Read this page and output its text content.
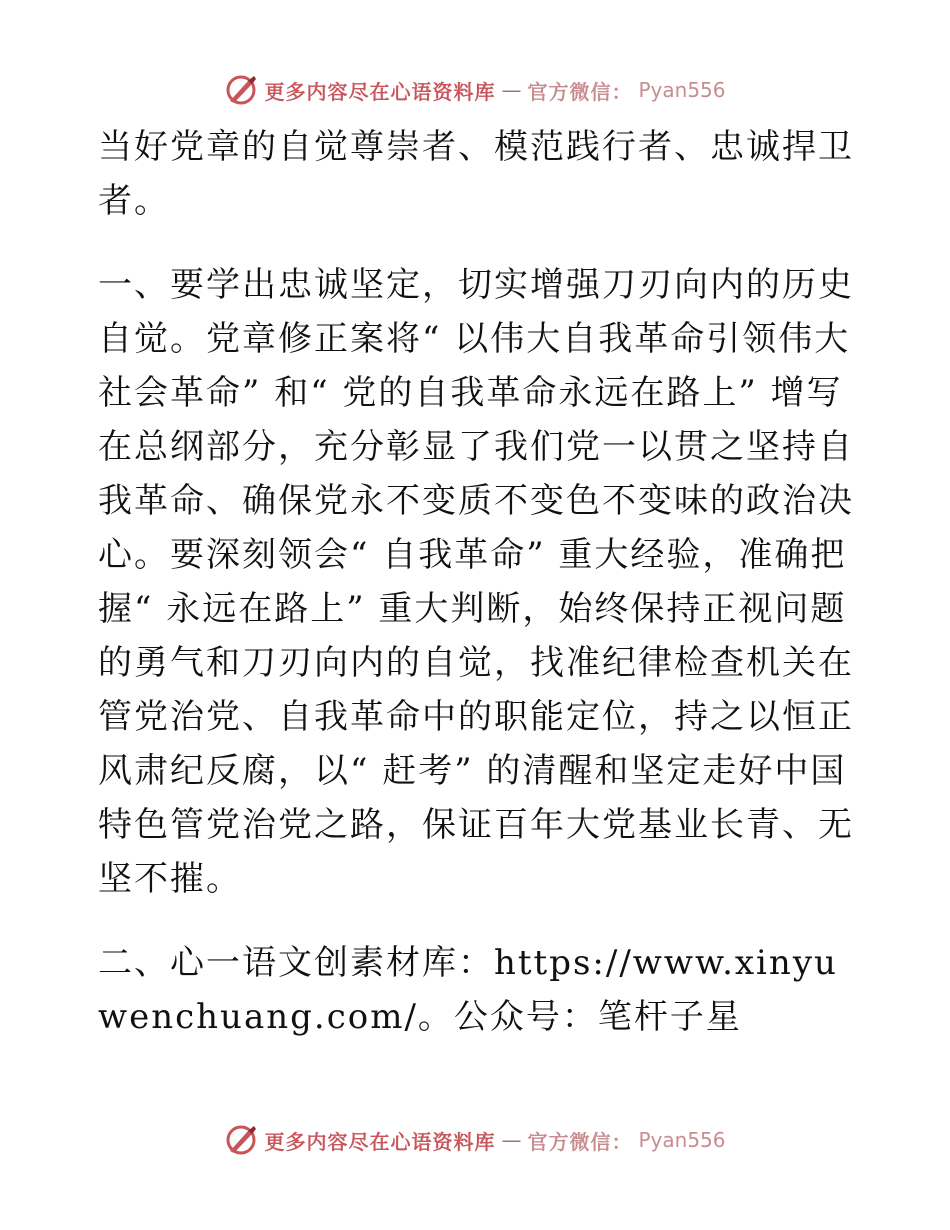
更多内容尽在心语资料库 — 官方微信： Pyan556

当好党章的自觉尊崇者、模范践行者、忠诚捍卫者。

一、要学出忠诚坚定，切实增强刀刃向内的历史自觉。党章修正案将“ 以伟大自我革命引领伟大社会革命” 和“ 党的自我革命永远在路上” 增写在总纲部分，充分彰显了我们党一以贯之坚持自我革命、确保党永不变质不变色不变味的政治决心。要深刻领会“ 自我革命” 重大经验，准确把握“ 永远在路上” 重大判断，始终保持正视问题的勇气和刀刃向内的自觉，找准纪律检查机关在管党治党、自我革命中的职能定位，持之以恒正风肃纪反腐，以“ 赶考” 的清醒和坚定走好中国特色管党治党之路，保证百年大党基业长青、无坚不摧。

二、心一语文创素材库：https://www.xinyuwenchuang.com/。公众号：笔杆子星

更多内容尽在心语资料库 — 官方微信： Pyan556
